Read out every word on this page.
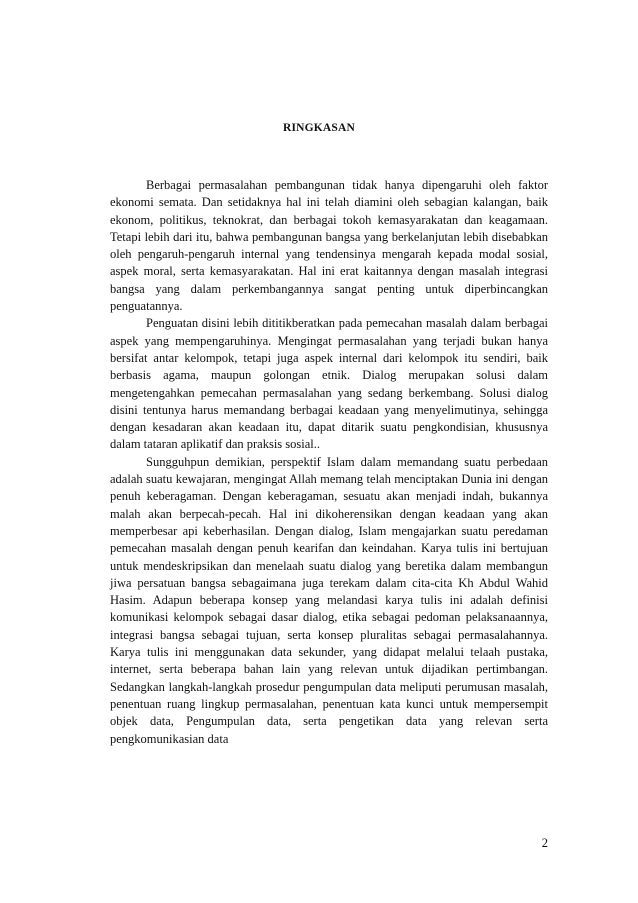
RINGKASAN

Berbagai permasalahan pembangunan tidak hanya dipengaruhi oleh faktor ekonomi semata. Dan setidaknya hal ini telah diamini oleh sebagian kalangan, baik ekonom, politikus, teknokrat, dan berbagai tokoh kemasyarakatan dan keagamaan. Tetapi lebih dari itu, bahwa pembangunan bangsa yang berkelanjutan lebih disebabkan oleh pengaruh-pengaruh internal yang tendensinya mengarah kepada modal sosial, aspek moral, serta kemasyarakatan. Hal ini erat kaitannya dengan masalah integrasi bangsa yang dalam perkembangannya sangat penting untuk diperbincangkan penguatannya.

Penguatan disini lebih dititikberatkan pada pemecahan masalah dalam berbagai aspek yang mempengaruhinya. Mengingat permasalahan yang terjadi bukan hanya bersifat antar kelompok, tetapi juga aspek internal dari kelompok itu sendiri, baik berbasis agama, maupun golongan etnik. Dialog merupakan solusi dalam mengetengahkan pemecahan permasalahan yang sedang berkembang. Solusi dialog disini tentunya harus memandang berbagai keadaan yang menyelimutinya, sehingga dengan kesadaran akan keadaan itu, dapat ditarik suatu pengkondisian, khususnya dalam tataran aplikatif dan praksis sosial..

Sungguhpun demikian, perspektif Islam dalam memandang suatu perbedaan adalah suatu kewajaran, mengingat Allah memang telah menciptakan Dunia ini dengan penuh keberagaman. Dengan keberagaman, sesuatu akan menjadi indah, bukannya malah akan berpecah-pecah. Hal ini dikoherensikan dengan keadaan yang akan memperbesar api keberhasilan. Dengan dialog, Islam mengajarkan suatu peredaman pemecahan masalah dengan penuh kearifan dan keindahan. Karya tulis ini bertujuan untuk mendeskripsikan dan menelaah suatu dialog yang beretika dalam membangun jiwa persatuan bangsa sebagaimana juga terekam dalam cita-cita Kh Abdul Wahid Hasim. Adapun beberapa konsep yang melandasi karya tulis ini adalah definisi komunikasi kelompok sebagai dasar dialog, etika sebagai pedoman pelaksanaannya, integrasi bangsa sebagai tujuan, serta konsep pluralitas sebagai permasalahannya. Karya tulis ini menggunakan data sekunder, yang didapat melalui telaah pustaka, internet, serta beberapa bahan lain yang relevan untuk dijadikan pertimbangan. Sedangkan langkah-langkah prosedur pengumpulan data meliputi perumusan masalah, penentuan ruang lingkup permasalahan, penentuan kata kunci untuk mempersempit objek data, Pengumpulan data, serta pengetikan data yang relevan serta pengkomunikasian data

2
